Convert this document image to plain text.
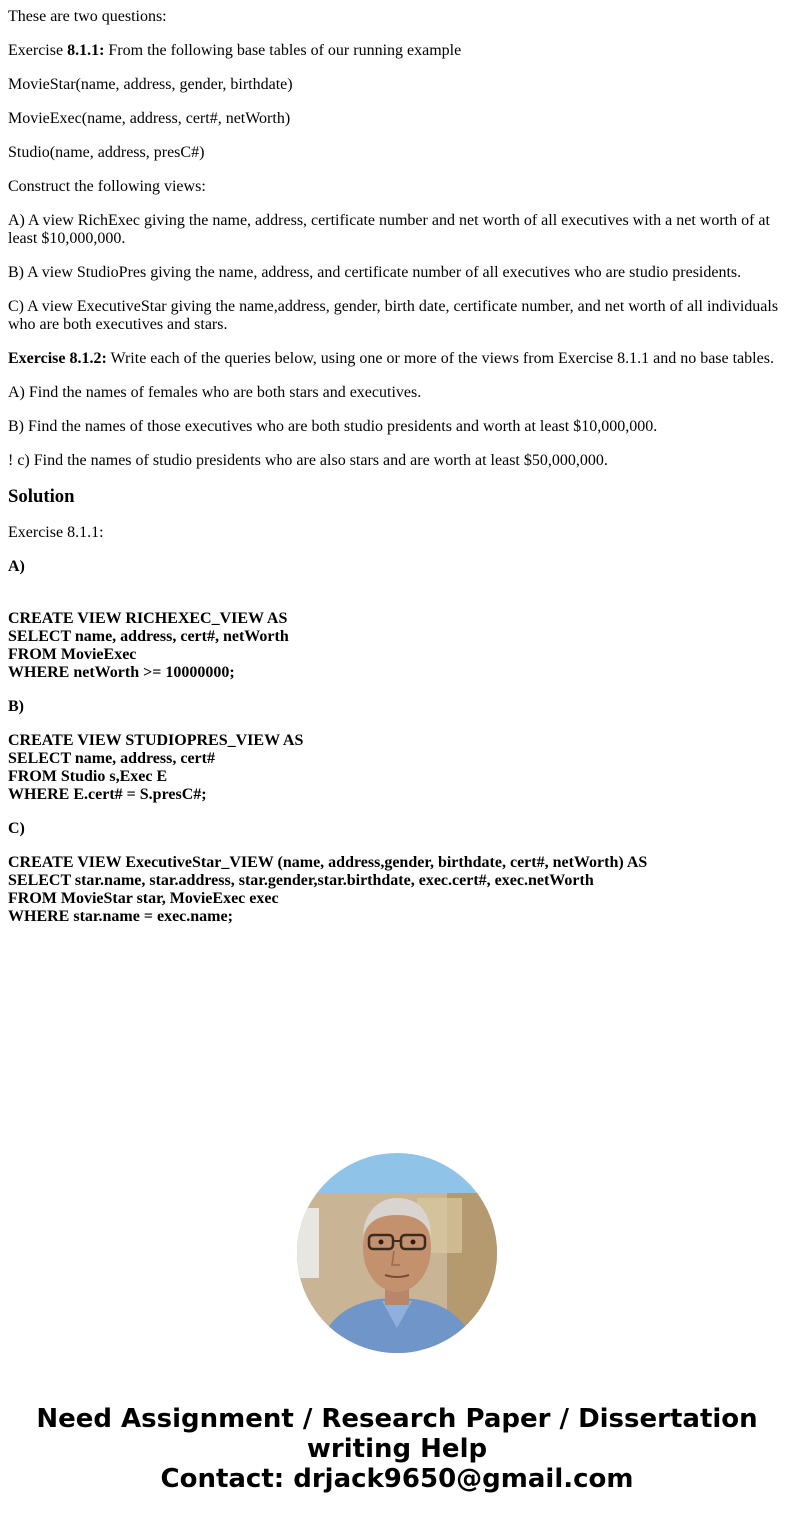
These are two questions:

Exercise 8.1.1: From the following base tables of our running example

MovieStar(name, address, gender, birthdate)

MovieExec(name, address, cert#, netWorth)

Studio(name, address, presC#)

Construct the following views:

A) A view RichExec giving the name, address, certificate number and net worth of all executives with a net worth of at least $10,000,000.

B) A view StudioPres giving the name, address, and certificate number of all executives who are studio presidents.

C) A view ExecutiveStar giving the name,address, gender, birth date, certificate number, and net worth of all individuals who are both executives and stars.

Exercise 8.1.2: Write each of the queries below, using one or more of the views from Exercise 8.1.1 and no base tables.

A) Find the names of females who are both stars and executives.

B) Find the names of those executives who are both studio presidents and worth at least $10,000,000.

! c) Find the names of studio presidents who are also stars and are worth at least $50,000,000.

Solution

Exercise 8.1.1:

A)

CREATE VIEW RICHEXEC_VIEW AS
SELECT name, address, cert#, netWorth
FROM MovieExec
WHERE netWorth >= 10000000;

B)

CREATE VIEW STUDIOPRES_VIEW AS
SELECT name, address, cert#
FROM Studio s,Exec E
WHERE E.cert# = S.presC#;

C)

CREATE VIEW ExecutiveStar_VIEW (name, address,gender, birthdate, cert#, netWorth) AS
SELECT star.name, star.address, star.gender,star.birthdate, exec.cert#, exec.netWorth
FROM MovieStar star, MovieExec exec
WHERE star.name = exec.name;
Need Assignment / Research Paper / Dissertation
writing Help
Contact: drjack9650@gmail.com
